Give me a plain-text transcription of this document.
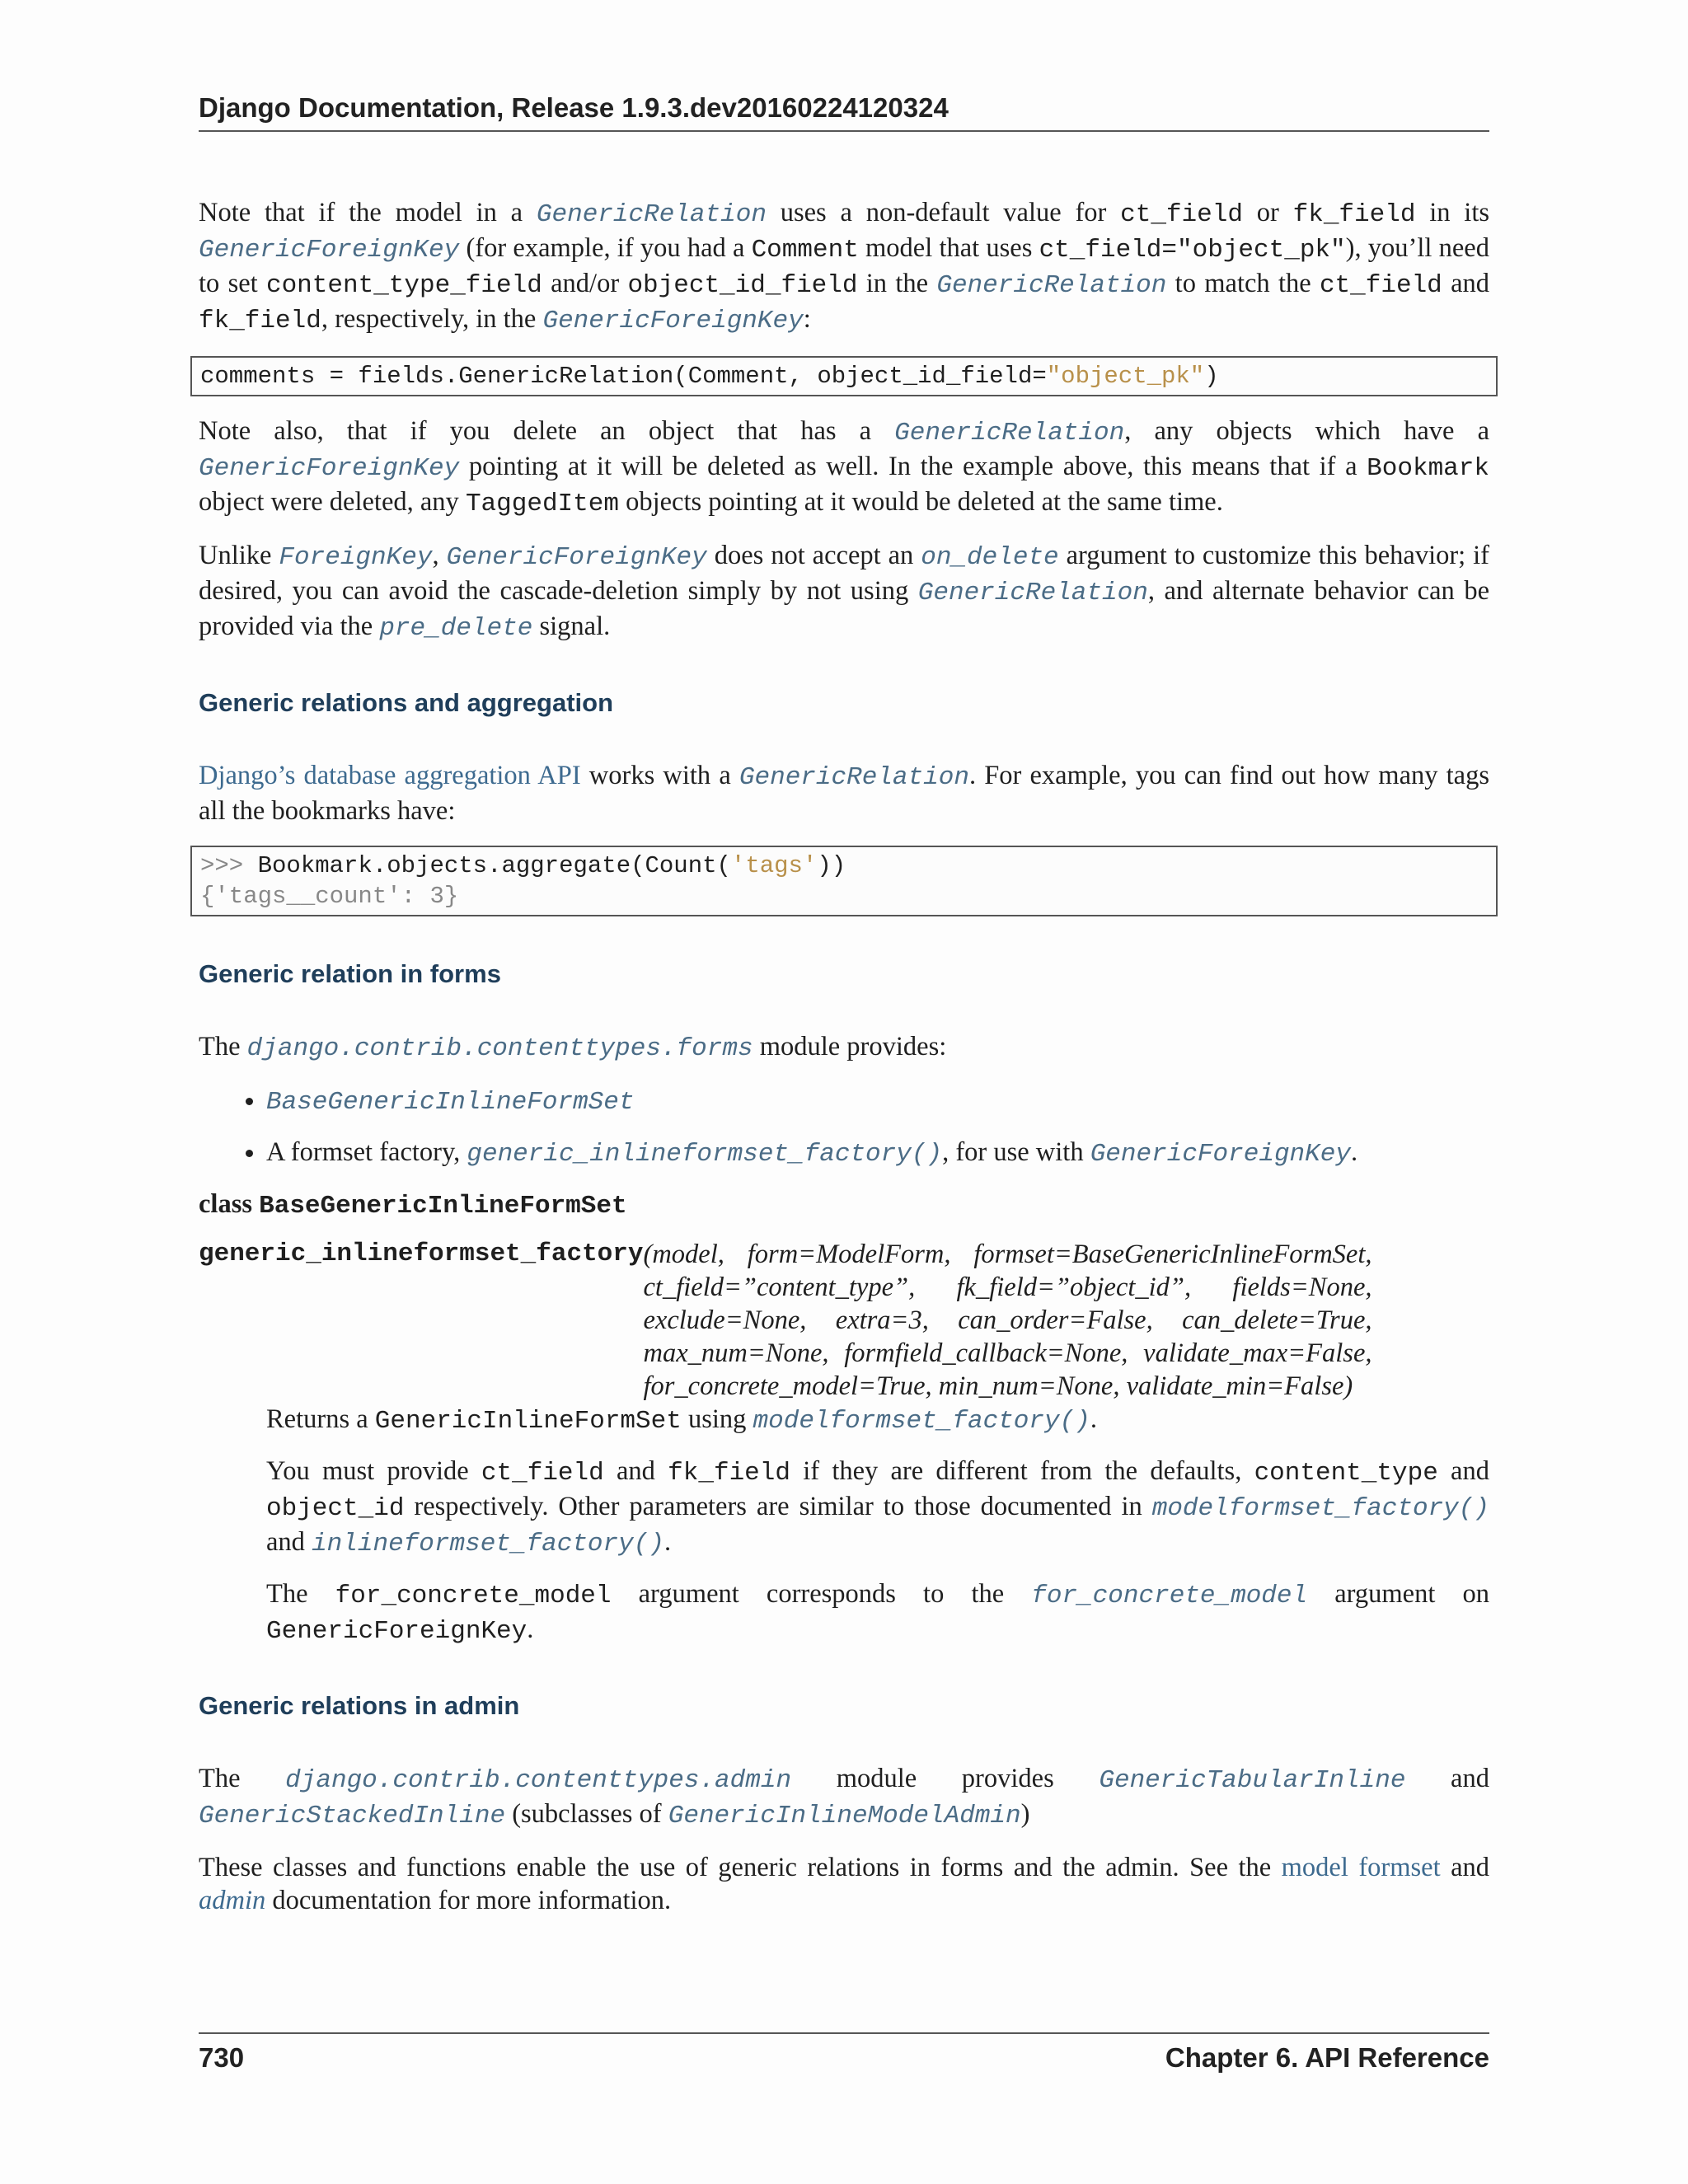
Django Documentation, Release 1.9.3.dev20160224120324

Note that if the model in a GenericRelation uses a non-default value for ct_field or fk_field in its GenericForeignKey (for example, if you had a Comment model that uses ct_field="object_pk"), you’ll need to set content_type_field and/or object_id_field in the GenericRelation to match the ct_field and fk_field, respectively, in the GenericForeignKey:

comments = fields.GenericRelation(Comment, object_id_field="object_pk")

Note also, that if you delete an object that has a GenericRelation, any objects which have a GenericForeignKey pointing at it will be deleted as well. In the example above, this means that if a Bookmark object were deleted, any TaggedItem objects pointing at it would be deleted at the same time.

Unlike ForeignKey, GenericForeignKey does not accept an on_delete argument to customize this behavior; if desired, you can avoid the cascade-deletion simply by not using GenericRelation, and alternate behavior can be provided via the pre_delete signal.

Generic relations and aggregation

Django’s database aggregation API works with a GenericRelation. For example, you can find out how many tags all the bookmarks have:

>>> Bookmark.objects.aggregate(Count('tags'))
{'tags__count': 3}
Generic relation in forms

The django.contrib.contenttypes.forms module provides:

• BaseGenericInlineFormSet
• A formset factory, generic_inlineformset_factory(), for use with GenericForeignKey.
class BaseGenericInlineFormSet
generic_inlineformset_factory (model, form=ModelForm, formset=BaseGenericInlineFormSet, ct_field=”content_type”, fk_field=”object_id”, fields=None, exclude=None, extra=3, can_order=False, can_delete=True, max_num=None, formfield_callback=None, validate_max=False, for_concrete_model=True, min_num=None, validate_min=False)

Returns a GenericInlineFormSet using modelformset_factory().

You must provide ct_field and fk_field if they are different from the defaults, content_type and object_id respectively. Other parameters are similar to those documented in modelformset_factory() and inlineformset_factory().

The for_concrete_model argument corresponds to the for_concrete_model argument on GenericForeignKey.

Generic relations in admin

The django.contrib.contenttypes.admin module provides GenericTabularInline and GenericStackedInline (subclasses of GenericInlineModelAdmin)

These classes and functions enable the use of generic relations in forms and the admin. See the model formset and admin documentation for more information.

730	Chapter 6. API Reference
